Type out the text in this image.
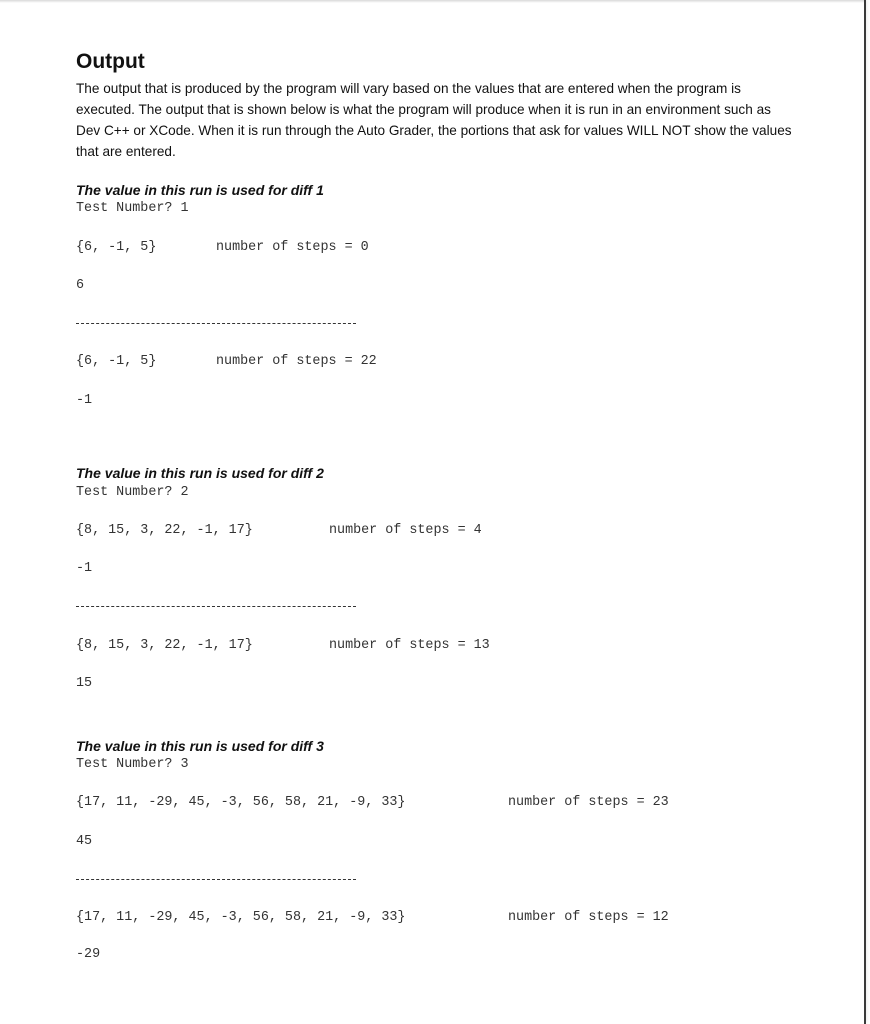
Output

The output that is produced by the program will vary based on the values that are entered when the program is executed. The output that is shown below is what the program will produce when it is run in an environment such as Dev C++ or XCode. When it is run through the Auto Grader, the portions that ask for values WILL NOT show the values that are entered.

The value in this run is used for diff 1
Test Number? 1
{6, -1, 5}	number of steps = 0
6
{6, -1, 5}	number of steps = 22
-1
The value in this run is used for diff 2
Test Number? 2
{8, 15, 3, 22, -1, 17}	number of steps = 4
-1
{8, 15, 3, 22, -1, 17}	number of steps = 13
15
The value in this run is used for diff 3
Test Number? 3
{17, 11, -29, 45, -3, 56, 58, 21, -9, 33}	number of steps = 23
45
{17, 11, -29, 45, -3, 56, 58, 21, -9, 33}	number of steps = 12
-29
